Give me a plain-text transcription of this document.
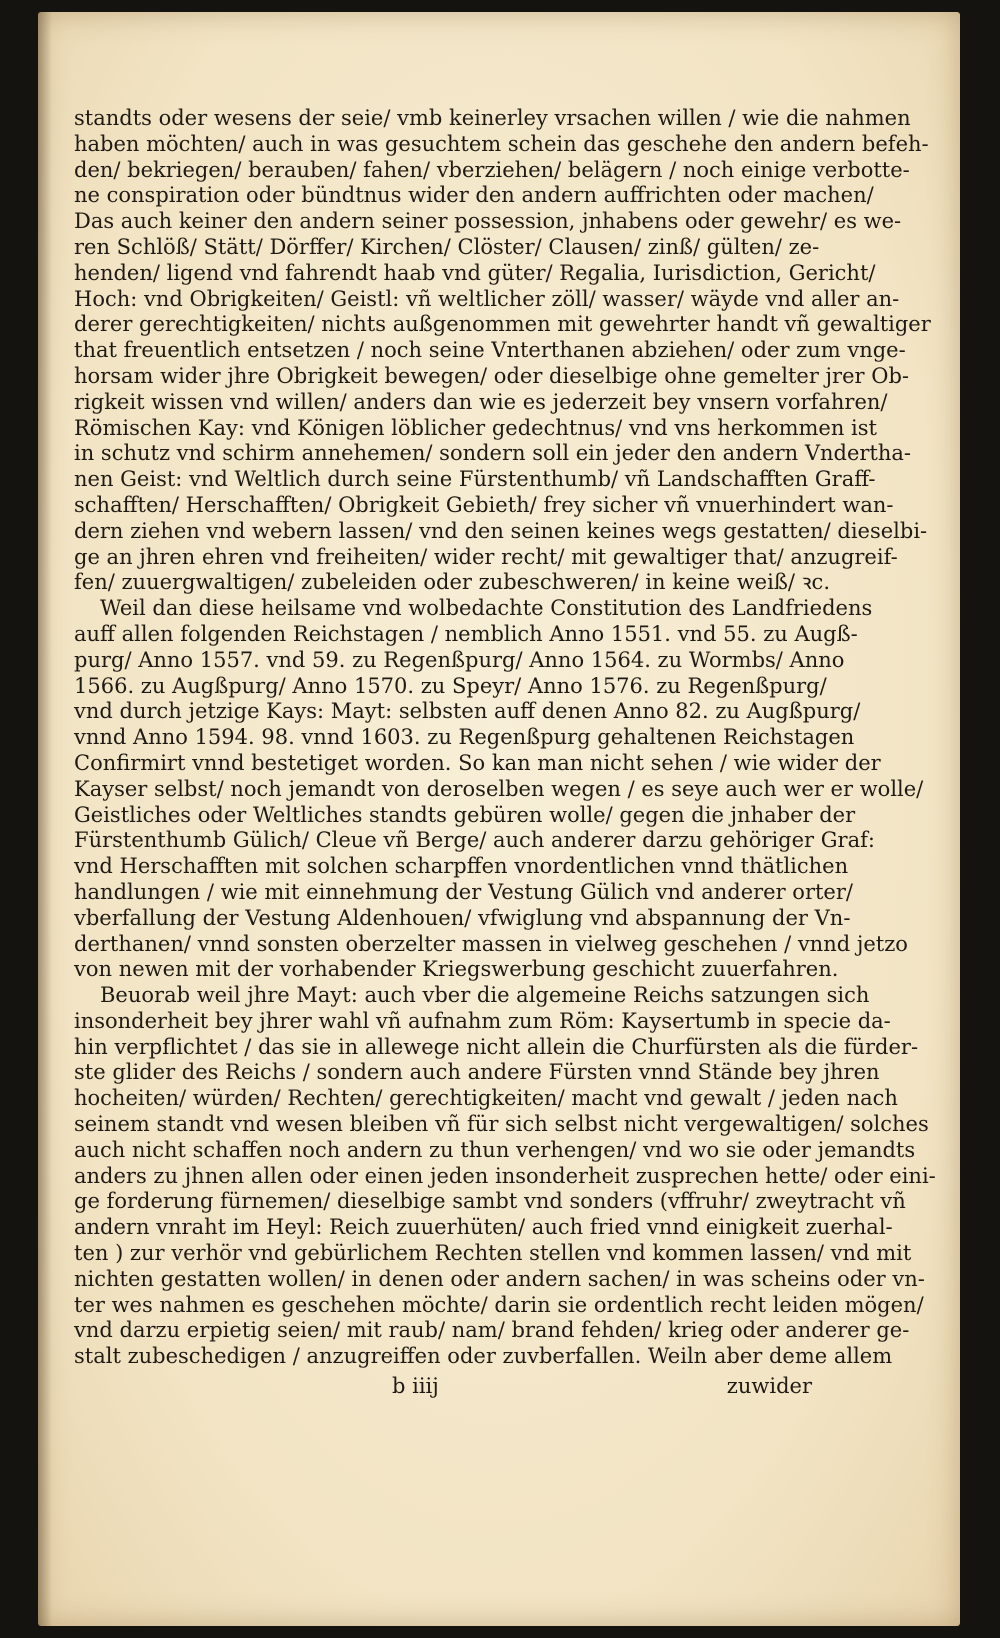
standts oder wesens der seie/ vmb keinerley vrsachen willen / wie die nahmen
haben möchten/ auch in was gesuchtem schein das geschehe den andern befeh-
den/ bekriegen/ berauben/ fahen/ vberziehen/ belägern / noch einige verbotte-
ne conspiration oder bündtnus wider den andern auffrichten oder machen/
Das auch keiner den andern seiner possession, jnhabens oder gewehr/ es we-
ren Schlöß/ Stätt/ Dörffer/ Kirchen/ Clöster/ Clausen/ zinß/ gülten/ ze-
henden/ ligend vnd fahrendt haab vnd güter/ Regalia, Iurisdiction, Gericht/
Hoch: vnd Obrigkeiten/ Geistl: vñ weltlicher zöll/ wasser/ wäyde vnd aller an-
derer gerechtigkeiten/ nichts außgenommen mit gewehrter handt vñ gewaltiger
that freuentlich entsetzen / noch seine Vnterthanen abziehen/ oder zum vnge-
horsam wider jhre Obrigkeit bewegen/ oder dieselbige ohne gemelter jrer Ob-
rigkeit wissen vnd willen/ anders dan wie es jederzeit bey vnsern vorfahren/
Römischen Kay: vnd Königen löblicher gedechtnus/ vnd vns herkommen ist
in schutz vnd schirm annehemen/ sondern soll ein jeder den andern Vndertha-
nen Geist: vnd Weltlich durch seine Fürstenthumb/ vñ Landschafften Graff-
schafften/ Herschafften/ Obrigkeit Gebieth/ frey sicher vñ vnuerhindert wan-
dern ziehen vnd webern lassen/ vnd den seinen keines wegs gestatten/ dieselbi-
ge an jhren ehren vnd freiheiten/ wider recht/ mit gewaltiger that/ anzugreif-
fen/ zuuergwaltigen/ zubeleiden oder zubeschweren/ in keine weiß/ ꝛc.
Weil dan diese heilsame vnd wolbedachte Constitution des Landfriedens
auff allen folgenden Reichstagen / nemblich Anno 1551. vnd 55. zu Augß-
purg/ Anno 1557. vnd 59. zu Regenßpurg/ Anno 1564. zu Wormbs/ Anno
1566. zu Augßpurg/ Anno 1570. zu Speyr/ Anno 1576. zu Regenßpurg/
vnd durch jetzige Kays: Mayt: selbsten auff denen Anno 82. zu Augßpurg/
vnnd Anno 1594. 98. vnnd 1603. zu Regenßpurg gehaltenen Reichstagen
Confirmirt vnnd bestetiget worden. So kan man nicht sehen / wie wider der
Kayser selbst/ noch jemandt von deroselben wegen / es seye auch wer er wolle/
Geistliches oder Weltliches standts gebüren wolle/ gegen die jnhaber der
Fürstenthumb Gülich/ Cleue vñ Berge/ auch anderer darzu gehöriger Graf:
vnd Herschafften mit solchen scharpffen vnordentlichen vnnd thätlichen
handlungen / wie mit einnehmung der Vestung Gülich vnd anderer orter/
vberfallung der Vestung Aldenhouen/ vfwiglung vnd abspannung der Vn-
derthanen/ vnnd sonsten oberzelter massen in vielweg geschehen / vnnd jetzo
von newen mit der vorhabender Kriegswerbung geschicht zuuerfahren.
Beuorab weil jhre Mayt: auch vber die algemeine Reichs satzungen sich
insonderheit bey jhrer wahl vñ aufnahm zum Röm: Kaysertumb in specie da-
hin verpflichtet / das sie in allewege nicht allein die Churfürsten als die fürder-
ste glider des Reichs / sondern auch andere Fürsten vnnd Stände bey jhren
hocheiten/ würden/ Rechten/ gerechtigkeiten/ macht vnd gewalt / jeden nach
seinem standt vnd wesen bleiben vñ für sich selbst nicht vergewaltigen/ solches
auch nicht schaffen noch andern zu thun verhengen/ vnd wo sie oder jemandts
anders zu jhnen allen oder einen jeden insonderheit zusprechen hette/ oder eini-
ge forderung fürnemen/ dieselbige sambt vnd sonders (vffruhr/ zweytracht vñ
andern vnraht im Heyl: Reich zuuerhüten/ auch fried vnnd einigkeit zuerhal-
ten ) zur verhör vnd gebürlichem Rechten stellen vnd kommen lassen/ vnd mit
nichten gestatten wollen/ in denen oder andern sachen/ in was scheins oder vn-
ter wes nahmen es geschehen möchte/ darin sie ordentlich recht leiden mögen/
vnd darzu erpietig seien/ mit raub/ nam/ brand fehden/ krieg oder anderer ge-
stalt zubeschedigen / anzugreiffen oder zuvberfallen. Weiln aber deme allem
b iiij	zuwider
